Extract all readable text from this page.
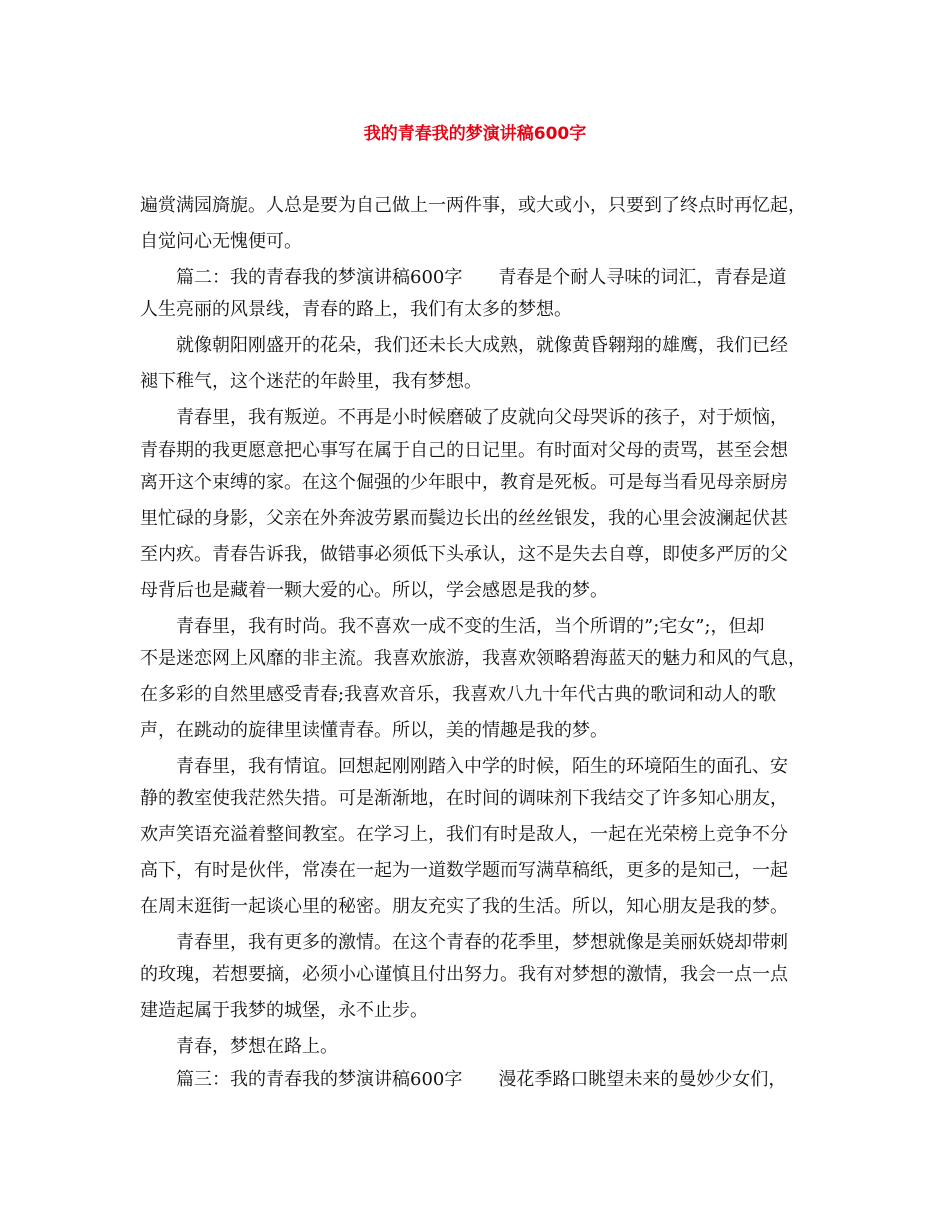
我的青春我的梦演讲稿600字
遍赏满园旖旎。人总是要为自己做上一两件事，或大或小，只要到了终点时再忆起，
自觉问心无愧便可。
篇二：我的青春我的梦演讲稿600字　　青春是个耐人寻味的词汇，青春是道
人生亮丽的风景线，青春的路上，我们有太多的梦想。
就像朝阳刚盛开的花朵，我们还未长大成熟，就像黄昏翱翔的雄鹰，我们已经
褪下稚气，这个迷茫的年龄里，我有梦想。
青春里，我有叛逆。不再是小时候磨破了皮就向父母哭诉的孩子，对于烦恼，
青春期的我更愿意把心事写在属于自己的日记里。有时面对父母的责骂，甚至会想
离开这个束缚的家。在这个倔强的少年眼中，教育是死板。可是每当看见母亲厨房
里忙碌的身影，父亲在外奔波劳累而鬓边长出的丝丝银发，我的心里会波澜起伏甚
至内疚。青春告诉我，做错事必须低下头承认，这不是失去自尊，即使多严厉的父
母背后也是藏着一颗大爱的心。所以，学会感恩是我的梦。
青春里，我有时尚。我不喜欢一成不变的生活，当个所谓的”;宅女”;，但却
不是迷恋网上风靡的非主流。我喜欢旅游，我喜欢领略碧海蓝天的魅力和风的气息，
在多彩的自然里感受青春;我喜欢音乐，我喜欢八九十年代古典的歌词和动人的歌
声，在跳动的旋律里读懂青春。所以，美的情趣是我的梦。
青春里，我有情谊。回想起刚刚踏入中学的时候，陌生的环境陌生的面孔、安
静的教室使我茫然失措。可是渐渐地，在时间的调味剂下我结交了许多知心朋友，
欢声笑语充溢着整间教室。在学习上，我们有时是敌人，一起在光荣榜上竞争不分
高下，有时是伙伴，常凑在一起为一道数学题而写满草稿纸，更多的是知己，一起
在周末逛街一起谈心里的秘密。朋友充实了我的生活。所以，知心朋友是我的梦。
青春里，我有更多的激情。在这个青春的花季里，梦想就像是美丽妖娆却带刺
的玫瑰，若想要摘，必须小心谨慎且付出努力。我有对梦想的激情，我会一点一点
建造起属于我梦的城堡，永不止步。
青春，梦想在路上。
篇三：我的青春我的梦演讲稿600字　　漫花季路口眺望未来的曼妙少女们，
